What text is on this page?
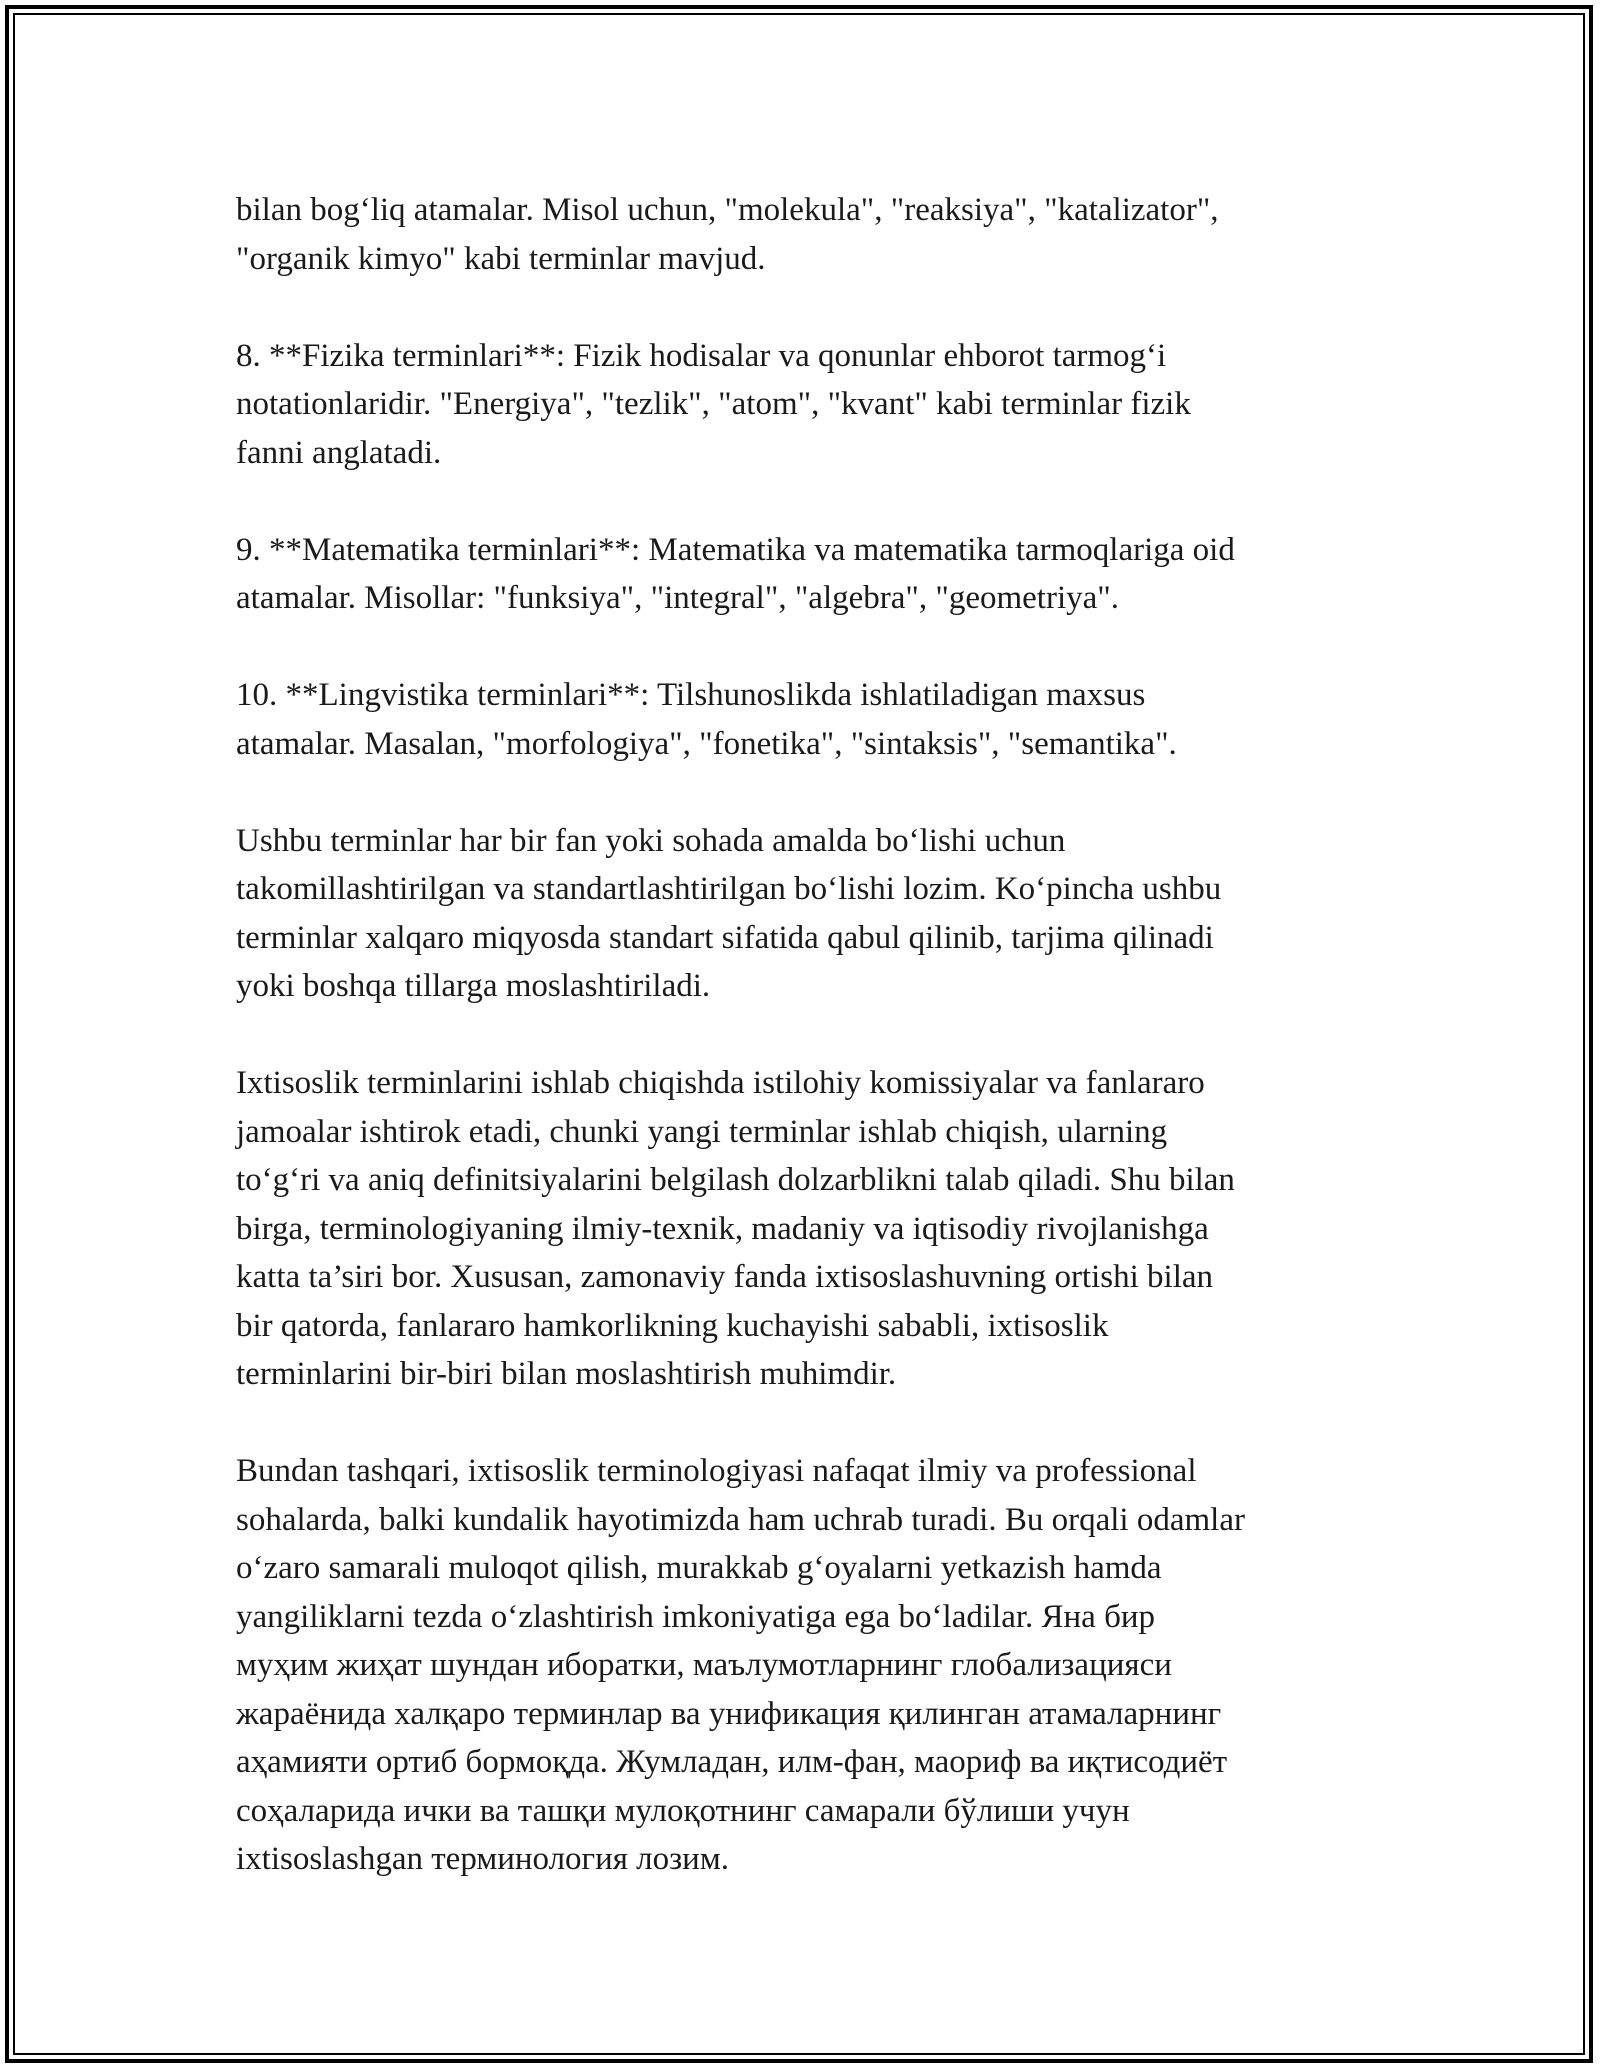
bilan bog‘liq atamalar. Misol uchun, "molekula", "reaksiya", "katalizator",
"organik kimyo" kabi terminlar mavjud.

8. **Fizika terminlari**: Fizik hodisalar va qonunlar ehborot tarmog‘i
notationlaridir. "Energiya", "tezlik", "atom", "kvant" kabi terminlar fizik
fanni anglatadi.

9. **Matematika terminlari**: Matematika va matematika tarmoqlariga oid
atamalar. Misollar: "funksiya", "integral", "algebra", "geometriya".

10. **Lingvistika terminlari**: Tilshunoslikda ishlatiladigan maxsus
atamalar. Masalan, "morfologiya", "fonetika", "sintaksis", "semantika".

Ushbu terminlar har bir fan yoki sohada amalda bo‘lishi uchun
takomillashtirilgan va standartlashtirilgan bo‘lishi lozim. Ko‘pincha ushbu
terminlar xalqaro miqyosda standart sifatida qabul qilinib, tarjima qilinadi
yoki boshqa tillarga moslashtiriladi.

Ixtisoslik terminlarini ishlab chiqishda istilohiy komissiyalar va fanlararo
jamoalar ishtirok etadi, chunki yangi terminlar ishlab chiqish, ularning
to‘g‘ri va aniq definitsiyalarini belgilash dolzarblikni talab qiladi. Shu bilan
birga, terminologiyaning ilmiy-texnik, madaniy va iqtisodiy rivojlanishga
katta ta’siri bor. Xususan, zamonaviy fanda ixtisoslashuvning ortishi bilan
bir qatorda, fanlararo hamkorlikning kuchayishi sababli, ixtisoslik
terminlarini bir-biri bilan moslashtirish muhimdir.

Bundan tashqari, ixtisoslik terminologiyasi nafaqat ilmiy va professional
sohalarda, balki kundalik hayotimizda ham uchrab turadi. Bu orqali odamlar
o‘zaro samarali muloqot qilish, murakkab g‘oyalarni yetkazish hamda
yangiliklarni tezda o‘zlashtirish imkoniyatiga ega bo‘ladilar. Яна бир
муҳим жиҳат шундан иборатки, маълумотларнинг глобализацияси
жараёнида халқаро терминлар ва унификация қилинган атамаларнинг
aҳамияти ортиб бормоқда. Жумладан, илм-фан, маориф ва иқтисодиёт
соҳаларида ички ва ташқи мулоқотнинг самарали бўлиши учун
ixtisoslashgan терминология лозим.
